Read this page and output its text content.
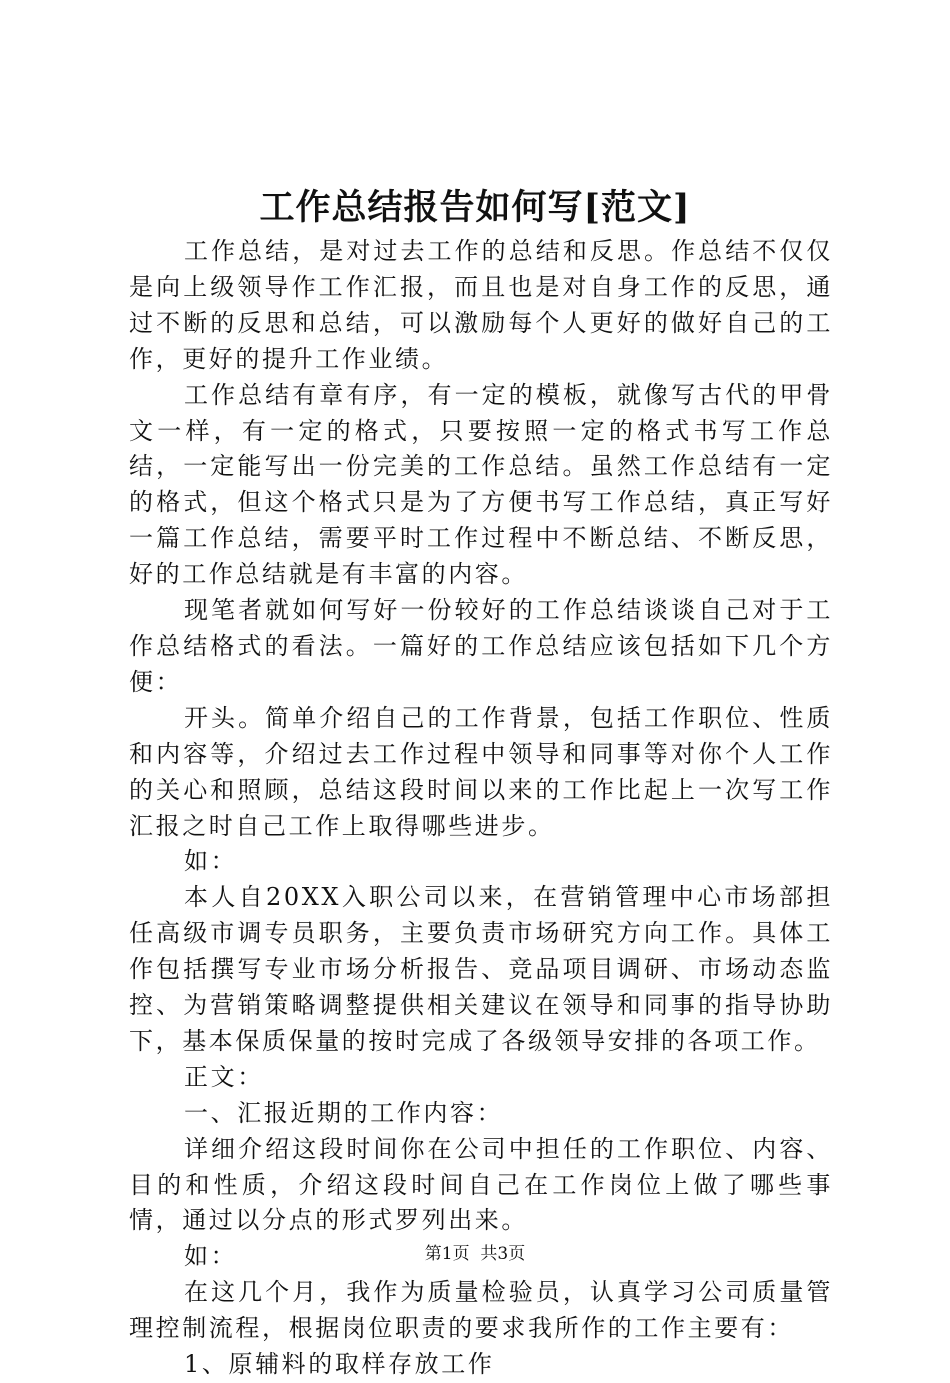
工作总结报告如何写[范文]

工作总结，是对过去工作的总结和反思。作总结不仅仅是向上级领导作工作汇报，而且也是对自身工作的反思，通过不断的反思和总结，可以激励每个人更好的做好自己的工作，更好的提升工作业绩。

工作总结有章有序，有一定的模板，就像写古代的甲骨文一样，有一定的格式，只要按照一定的格式书写工作总结，一定能写出一份完美的工作总结。虽然工作总结有一定的格式，但这个格式只是为了方便书写工作总结，真正写好一篇工作总结，需要平时工作过程中不断总结、不断反思，好的工作总结就是有丰富的内容。

现笔者就如何写好一份较好的工作总结谈谈自己对于工作总结格式的看法。一篇好的工作总结应该包括如下几个方便：

开头。简单介绍自己的工作背景，包括工作职位、性质和内容等，介绍过去工作过程中领导和同事等对你个人工作的关心和照顾，总结这段时间以来的工作比起上一次写工作汇报之时自己工作上取得哪些进步。

如：

本人自20XX入职公司以来，在营销管理中心市场部担任高级市调专员职务，主要负责市场研究方向工作。具体工作包括撰写专业市场分析报告、竞品项目调研、市场动态监控、为营销策略调整提供相关建议在领导和同事的指导协助下，基本保质保量的按时完成了各级领导安排的各项工作。

正文：

一、汇报近期的工作内容：

详细介绍这段时间你在公司中担任的工作职位、内容、目的和性质，介绍这段时间自己在工作岗位上做了哪些事情，通过以分点的形式罗列出来。

如：

在这几个月，我作为质量检验员，认真学习公司质量管理控制流程，根据岗位职责的要求我所作的工作主要有：

1、原辅料的取样存放工作

第1页 共3页
